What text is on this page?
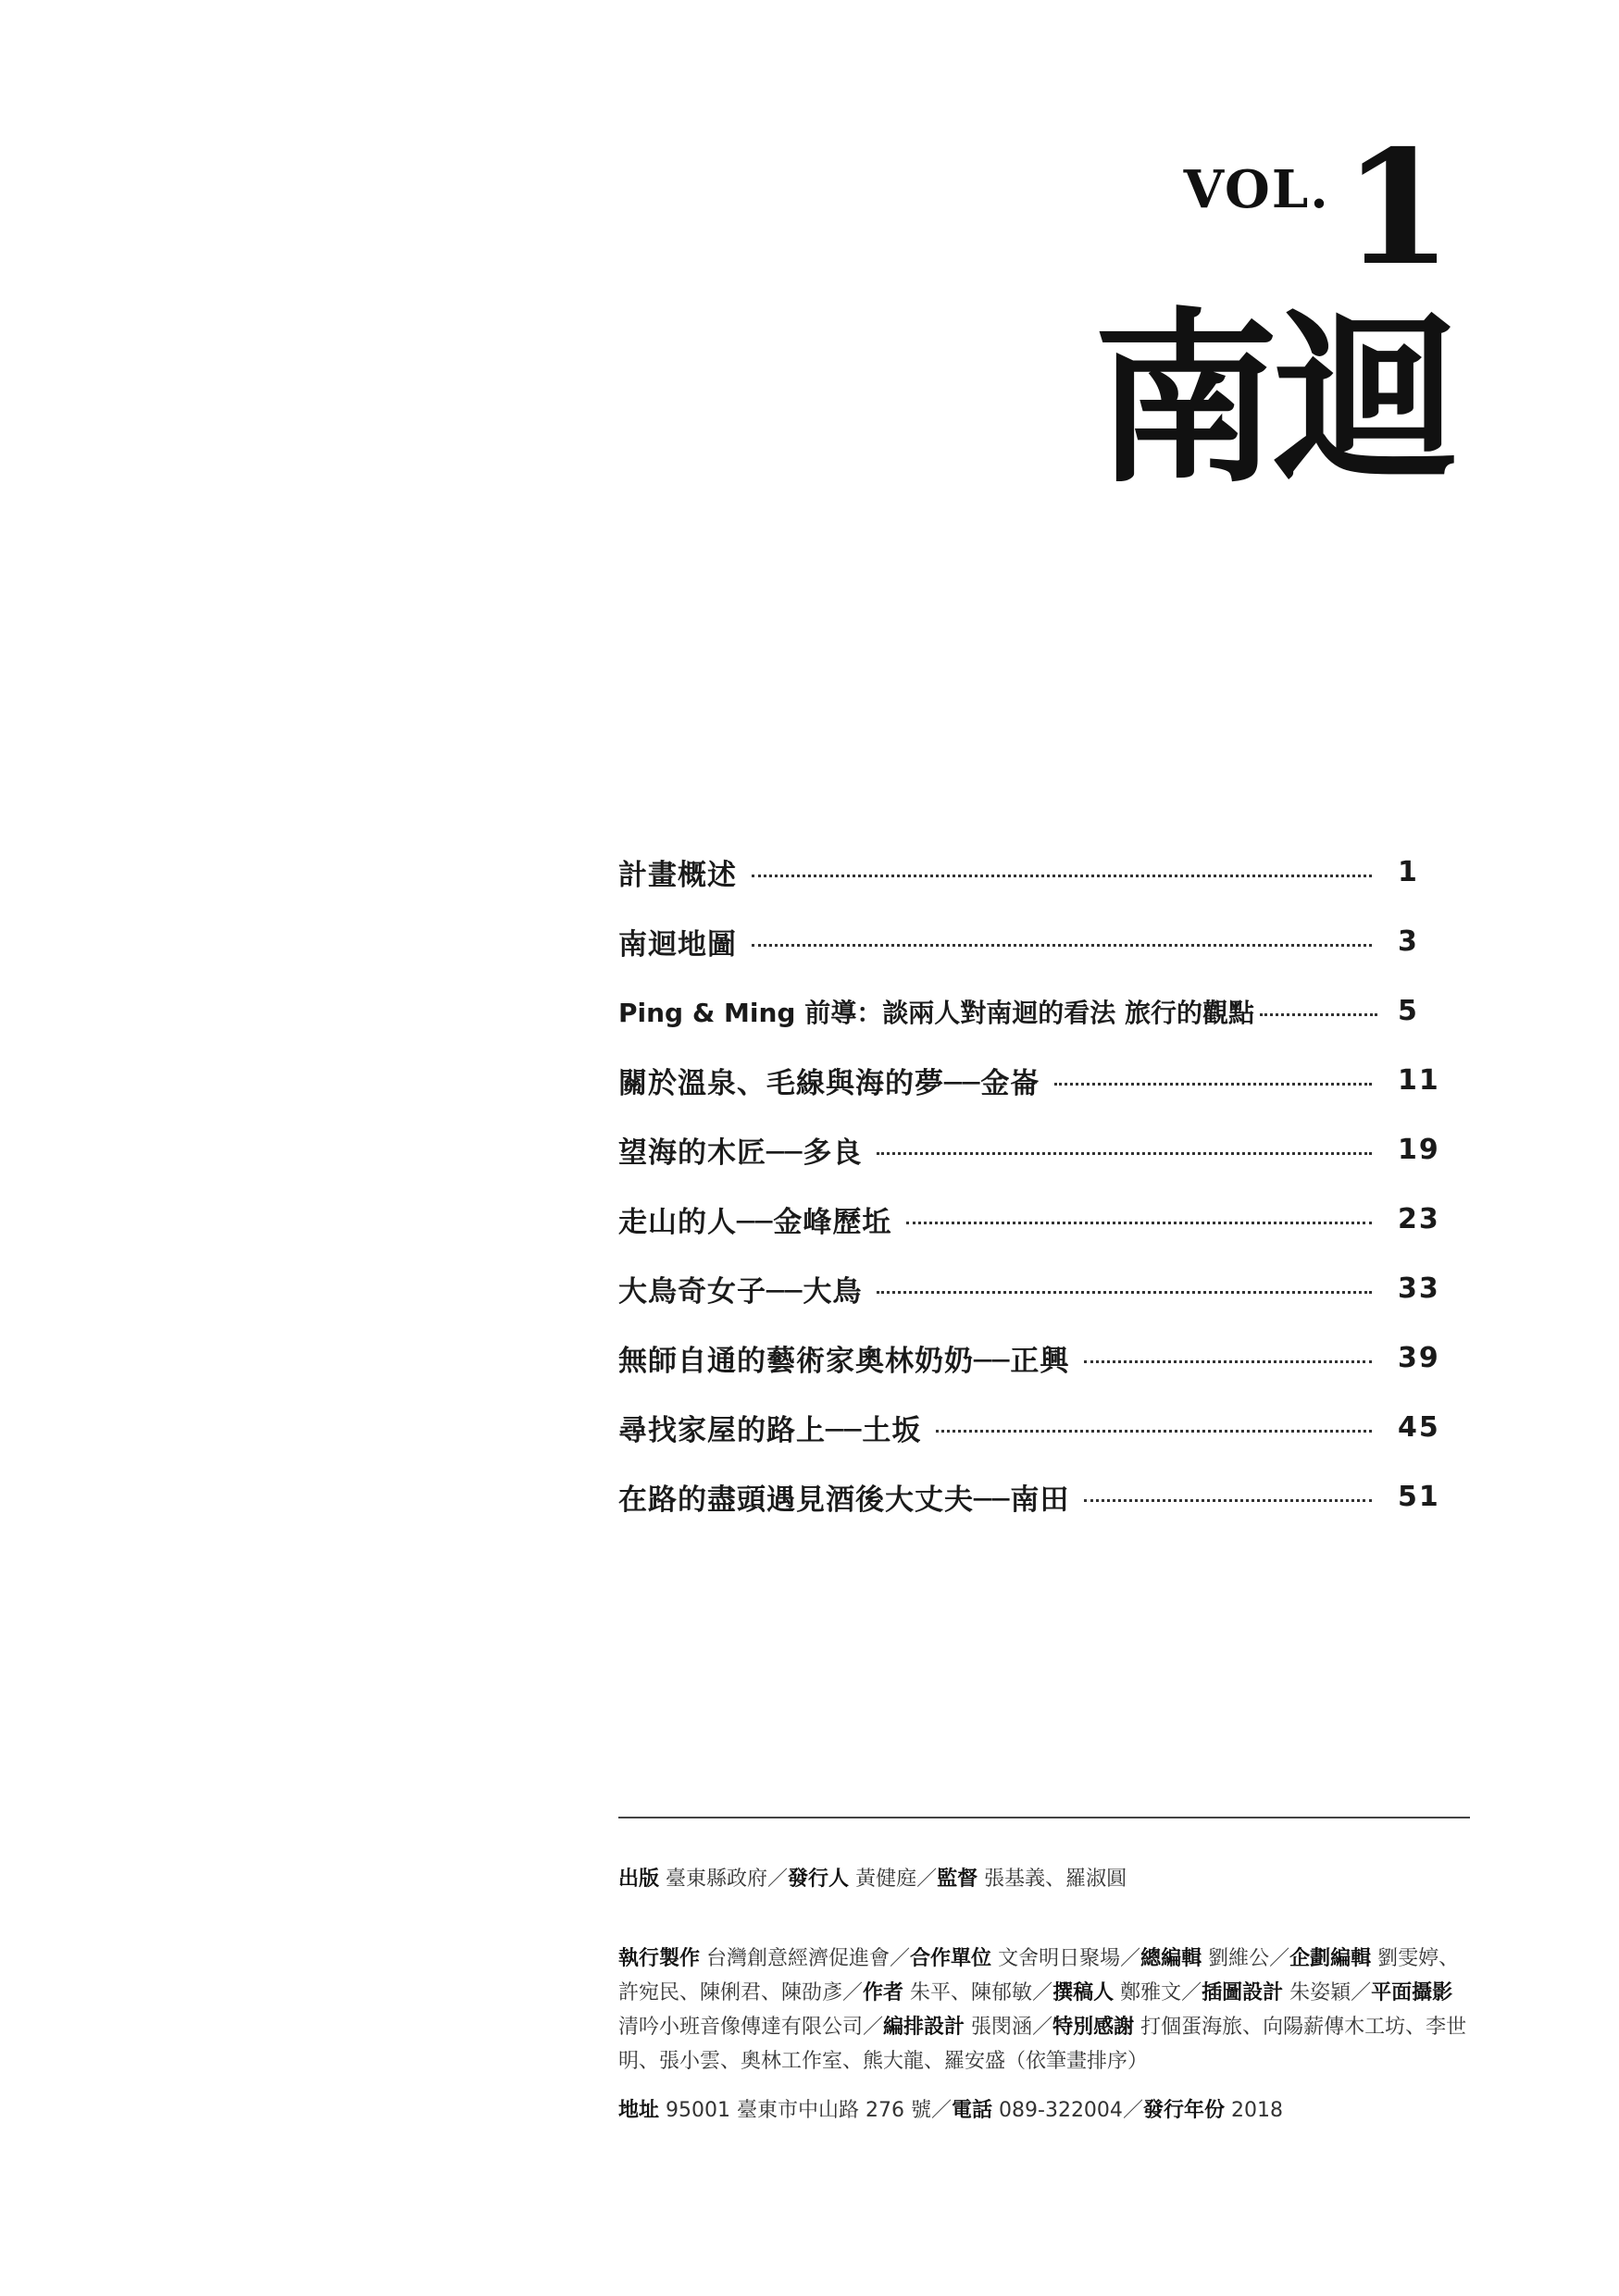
VOL. 1
南迴
計畫概述	1
南迴地圖	3
Ping & Ming 前導：談兩人對南迴的看法 旅行的觀點	5
關於溫泉、毛線與海的夢──金崙	11
望海的木匠──多良	19
走山的人──金峰歷坵	23
大鳥奇女子──大鳥	33
無師自通的藝術家奧林奶奶──正興	39
尋找家屋的路上──土坂	45
在路的盡頭遇見酒後大丈夫──南田	51
出版 臺東縣政府／發行人 黃健庭／監督 張基義、羅淑圓
執行製作 台灣創意經濟促進會／合作單位 文舍明日聚場／總編輯 劉維公／企劃編輯 劉雯婷、許宛民、陳俐君、陳劭彥／作者 朱平、陳郁敏／撰稿人 鄭雅文／插圖設計 朱姿穎／平面攝影 清吟小班音像傳達有限公司／編排設計 張閔涵／特別感謝 打個蛋海旅、向陽薪傳木工坊、李世明、張小雲、奧林工作室、熊大龍、羅安盛（依筆畫排序）
地址 95001 臺東市中山路 276 號／電話 089-322004／發行年份 2018
